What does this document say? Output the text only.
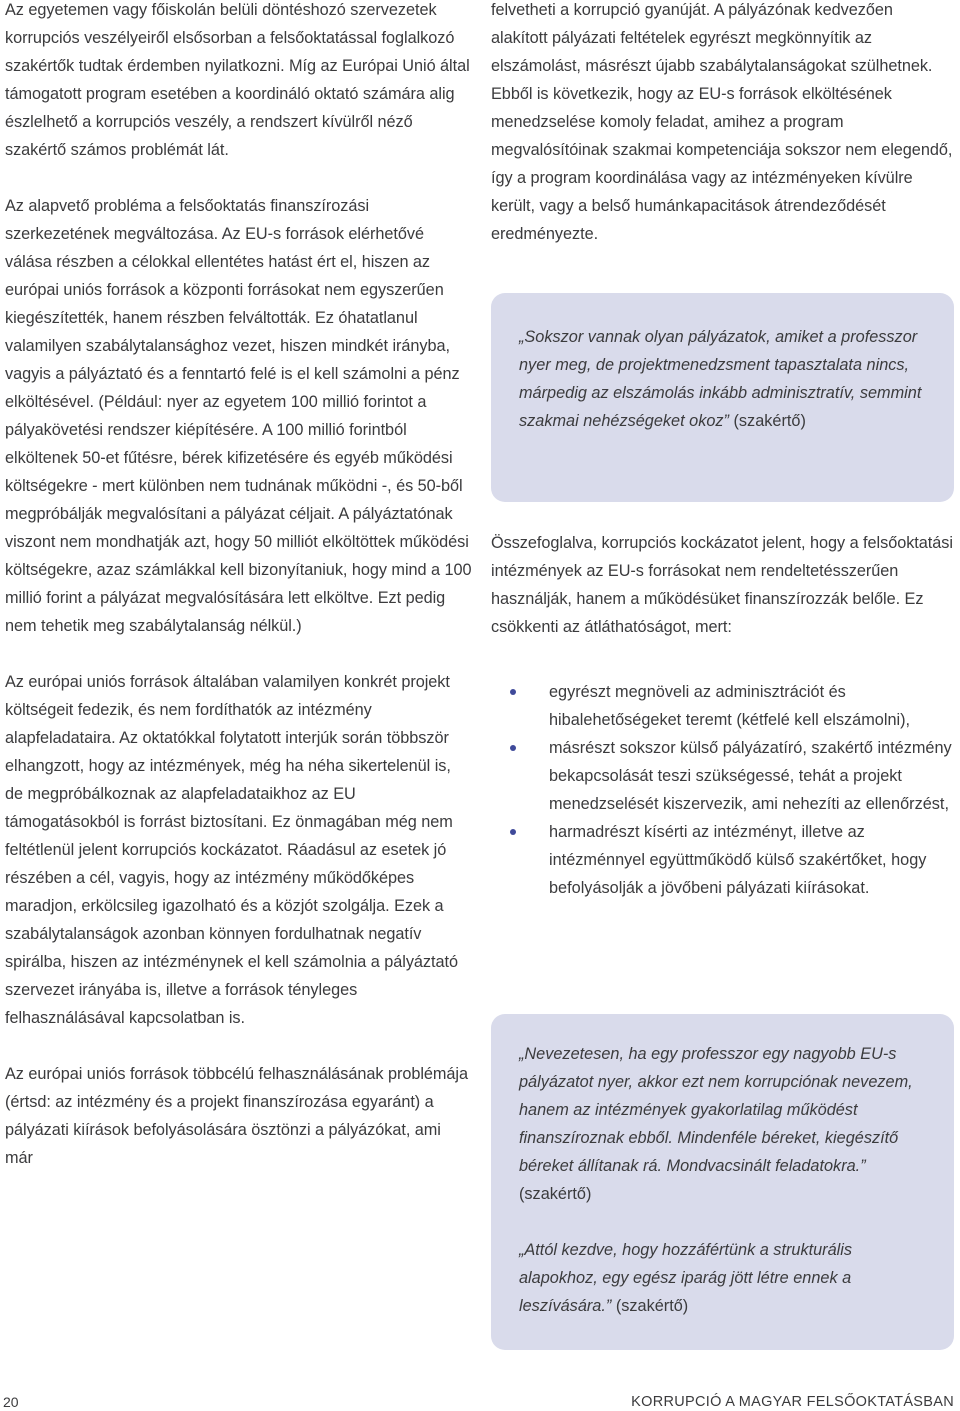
Az egyetemen vagy főiskolán belüli döntéshozó szervezetek korrupciós veszélyeiről elsősorban a felsőoktatással foglalkozó szakértők tudtak érdemben nyilatkozni. Míg az Európai Unió által támogatott program esetében a koordináló oktató számára alig észlelhető a korrupciós veszély, a rendszert kívülről néző szakértő számos problémát lát.

Az alapvető probléma a felsőoktatás finanszírozási szerkezetének megváltozása. Az EU-s források elérhetővé válása részben a célokkal ellentétes hatást ért el, hiszen az európai uniós források a központi forrásokat nem egyszerűen kiegészítették, hanem részben felváltották. Ez óhatatlanul valamilyen szabálytalansághoz vezet, hiszen mindkét irányba, vagyis a pályáztató és a fenntartó felé is el kell számolni a pénz elköltésével. (Például: nyer az egyetem 100 millió forintot a pályakövetési rendszer kiépítésére. A 100 millió forintból elköltenek 50-et fűtésre, bérek kifizetésére és egyéb működési költségekre - mert különben nem tudnának működni -, és 50-ből megpróbálják megvalósítani a pályázat céljait. A pályáztatónak viszont nem mondhatják azt, hogy 50 milliót elköltöttek működési költségekre, azaz számlákkal kell bizonyítaniuk, hogy mind a 100 millió forint a pályázat megvalósítására lett elköltve. Ezt pedig nem tehetik meg szabálytalanság nélkül.)

Az európai uniós források általában valamilyen konkrét projekt költségeit fedezik, és nem fordíthatók az intézmény alapfeladataira. Az oktatókkal folytatott interjúk során többször elhangzott, hogy az intézmények, még ha néha sikertelenül is, de megpróbálkoznak az alapfeladataikhoz az EU támogatásokból is forrást biztosítani. Ez önmagában még nem feltétlenül jelent korrupciós kockázatot. Ráadásul az esetek jó részében a cél, vagyis, hogy az intézmény működőképes maradjon, erkölcsileg igazolható és a közjót szolgálja. Ezek a szabálytalanságok azonban könnyen fordulhatnak negatív spirálba, hiszen az intézménynek el kell számolnia a pályáztató szervezet irányába is, illetve a források tényleges felhasználásával kapcsolatban is.

Az európai uniós források többcélú felhasználásának problémája (értsd: az intézmény és a projekt finanszírozása egyaránt) a pályázati kiírások befolyásolására ösztönzi a pályázókat, ami már

felvetheti a korrupció gyanúját. A pályázónak kedvezően alakított pályázati feltételek egyrészt megkönnyítik az elszámolást, másrészt újabb szabálytalanságokat szülhetnek. Ebből is következik, hogy az EU-s források elköltésének menedzselése komoly feladat, amihez a program megvalósítóinak szakmai kompetenciája sokszor nem elegendő, így a program koordinálása vagy az intézményeken kívülre került, vagy a belső humánkapacitások átrendeződését eredményezte.

„Sokszor vannak olyan pályázatok, amiket a professzor nyer meg, de projektmenedzsment tapasztalata nincs, márpedig az elszámolás inkább adminisztratív, semmint szakmai nehézségeket okoz” (szakértő)

Összefoglalva, korrupciós kockázatot jelent, hogy a felsőoktatási intézmények az EU-s forrásokat nem rendeltetésszerűen használják, hanem a működésüket finanszírozzák belőle. Ez csökkenti az átláthatóságot, mert:

egyrészt megnöveli az adminisztrációt és hibalehetőségeket teremt (kétfelé kell elszámolni),
másrészt sokszor külső pályázatíró, szakértő intézmény bekapcsolását teszi szükségessé, tehát a projekt menedzselését kiszervezik, ami nehezíti az ellenőrzést,
harmadrészt kísérti az intézményt, illetve az intézménnyel együttműködő külső szakértőket, hogy befolyásolják a jövőbeni pályázati kiírásokat.

„Nevezetesen, ha egy professzor egy nagyobb EU-s pályázatot nyer, akkor ezt nem korrupciónak nevezem, hanem az intézmények gyakorlatilag működést finanszíroznak ebből. Mindenféle béreket, kiegészítő béreket állítanak rá. Mondvacsinált feladatokra.” (szakértő)

„Attól kezdve, hogy hozzáfértünk a strukturális alapokhoz, egy egész iparág jött létre ennek a leszívására.” (szakértő)

20	KORRUPCIÓ A MAGYAR FELSŐOKTATÁSBAN
